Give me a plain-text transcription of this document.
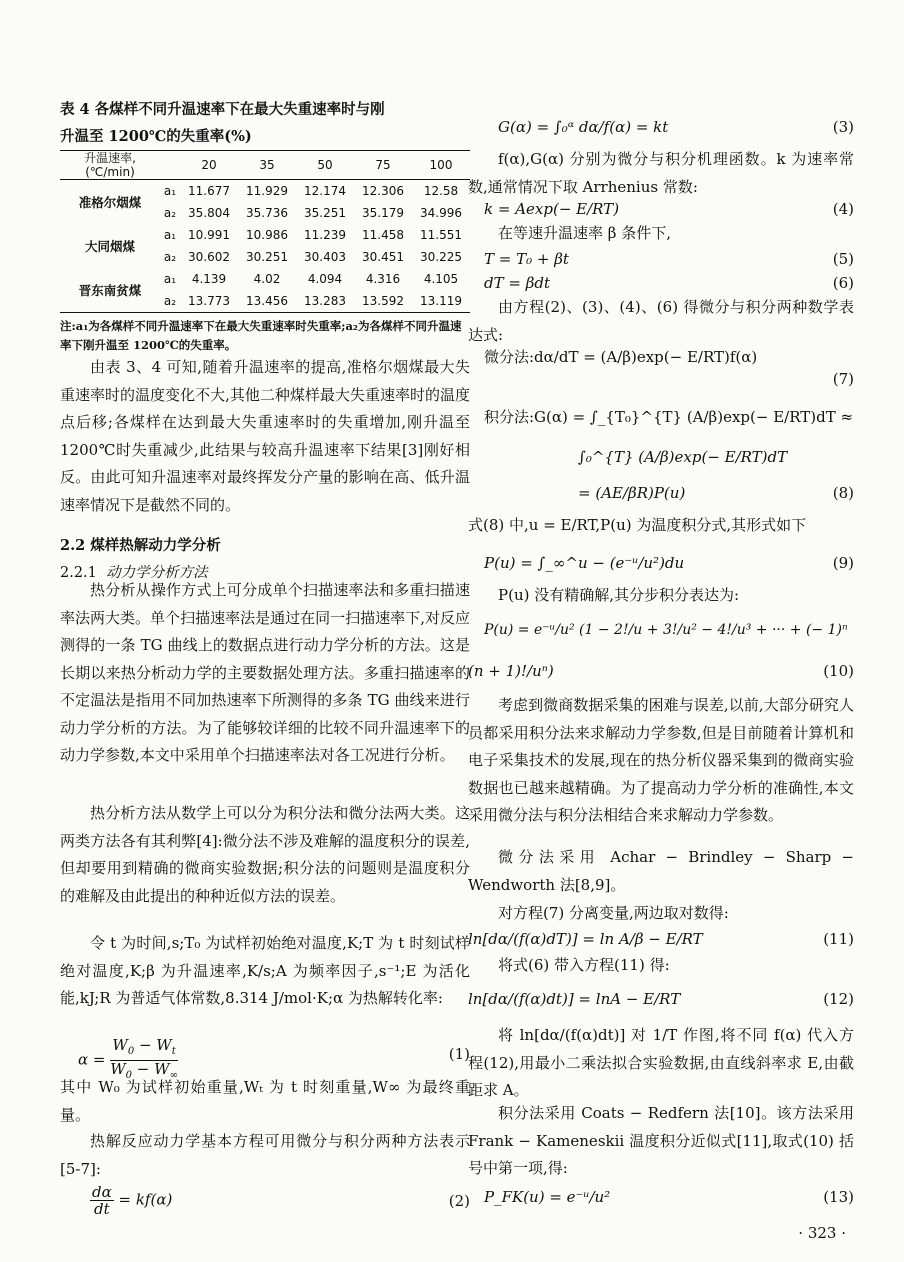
表 4 各煤样不同升温速率下在最大失重速率时与刚
升温至 1200℃的失重率(%)
升温速率,
(℃/min)		20	35	50	75	100
准格尔烟煤	a₁	11.677	11.929	12.174	12.306	12.58
	a₂	35.804	35.736	35.251	35.179	34.996
大同烟煤	a₁	10.991	10.986	11.239	11.458	11.551
	a₂	30.602	30.251	30.403	30.451	30.225
晋东南贫煤	a₁	4.139	4.02	4.094	4.316	4.105
	a₂	13.773	13.456	13.283	13.592	13.119
注:a₁为各煤样不同升温速率下在最大失重速率时失重率;a₂为各煤样不同升温速率下刚升温至 1200℃的失重率。

由表 3、4 可知,随着升温速率的提高,准格尔烟煤最大失重速率时的温度变化不大,其他二种煤样最大失重速率时的温度点后移;各煤样在达到最大失重速率时的失重增加,刚升温至 1200℃时失重减少,此结果与较高升温速率下结果[3]刚好相反。由此可知升温速率对最终挥发分产量的影响在高、低升温速率情况下是截然不同的。

2.2 煤样热解动力学分析
2.2.1 动力学分析方法

热分析从操作方式上可分成单个扫描速率法和多重扫描速率法两大类。单个扫描速率法是通过在同一扫描速率下,对反应测得的一条 TG 曲线上的数据点进行动力学分析的方法。这是长期以来热分析动力学的主要数据处理方法。多重扫描速率的不定温法是指用不同加热速率下所测得的多条 TG 曲线来进行动力学分析的方法。为了能够较详细的比较不同升温速率下的动力学参数,本文中采用单个扫描速率法对各工况进行分析。

热分析方法从数学上可以分为积分法和微分法两大类。这两类方法各有其利弊[4]:微分法不涉及难解的温度积分的误差,但却要用到精确的微商实验数据;积分法的问题则是温度积分的难解及由此提出的种种近似方法的误差。

令 t 为时间,s;T₀ 为试样初始绝对温度,K;T 为 t 时刻试样绝对温度,K;β 为升温速率,K/s;A 为频率因子,s⁻¹;E 为活化能,kJ;R 为普适气体常数,8.314 J/mol·K;α 为热解转化率:

$\alpha = \frac{W_0 - W_t}{W_0 - W_\infty}$	(1)

其中 W₀ 为试样初始重量,Wₜ 为 t 时刻重量,W∞ 为最终重量。

热解反应动力学基本方程可用微分与积分两种方法表示[5-7]:

$\frac{d\alpha}{dt} = kf(\alpha)$	(2)
G(α) = ∫₀ᵅ dα/f(α) = kt	(3)

f(α),G(α) 分别为微分与积分机理函数。k 为速率常数,通常情况下取 Arrhenius 常数:

k = Aexp(− E/RT)	(4)

在等速升温速率 β 条件下,

T = T₀ + βt	(5)
dT = βdt	(6)

由方程(2)、(3)、(4)、(6) 得微分与积分两种数学表达式:

微分法:dα/dT = (A/β)exp(− E/RT)f(α)
(7)
积分法:G(α) = ∫_{T₀}^{T} (A/β)exp(− E/RT)dT ≈
∫₀^{T} (A/β)exp(− E/RT)dT
= (AE/βR)P(u)	(8)

式(8) 中,u = E/RT,P(u) 为温度积分式,其形式如下

P(u) = ∫_∞^u − (e⁻ᵘ/u²)du	(9)

P(u) 没有精确解,其分步积分表达为:

P(u) = e⁻ᵘ/u² (1 − 2!/u + 3!/u² − 4!/u³ + ··· + (− 1)ⁿ
(n + 1)!/uⁿ)	(10)

考虑到微商数据采集的困难与误差,以前,大部分研究人员都采用积分法来求解动力学参数,但是目前随着计算机和电子采集技术的发展,现在的热分析仪器采集到的微商实验数据也已越来越精确。为了提高动力学分析的准确性,本文采用微分法与积分法相结合来求解动力学参数。

微分法采用 Achar − Brindley − Sharp − Wendworth 法[8,9]。

对方程(7) 分离变量,两边取对数得:

ln[dα/(f(α)dT)] = ln A/β − E/RT	(11)

将式(6) 带入方程(11) 得:

ln[dα/(f(α)dt)] = lnA − E/RT	(12)

将 ln[dα/(f(α)dt)] 对 1/T 作图,将不同 f(α) 代入方程(12),用最小二乘法拟合实验数据,由直线斜率求 E,由截距求 A。

积分法采用 Coats − Redfern 法[10]。该方法采用 Frank − Kameneskii 温度积分近似式[11],取式(10) 括号中第一项,得:

P_FK(u) = e⁻ᵘ/u²	(13)
· 323 ·
